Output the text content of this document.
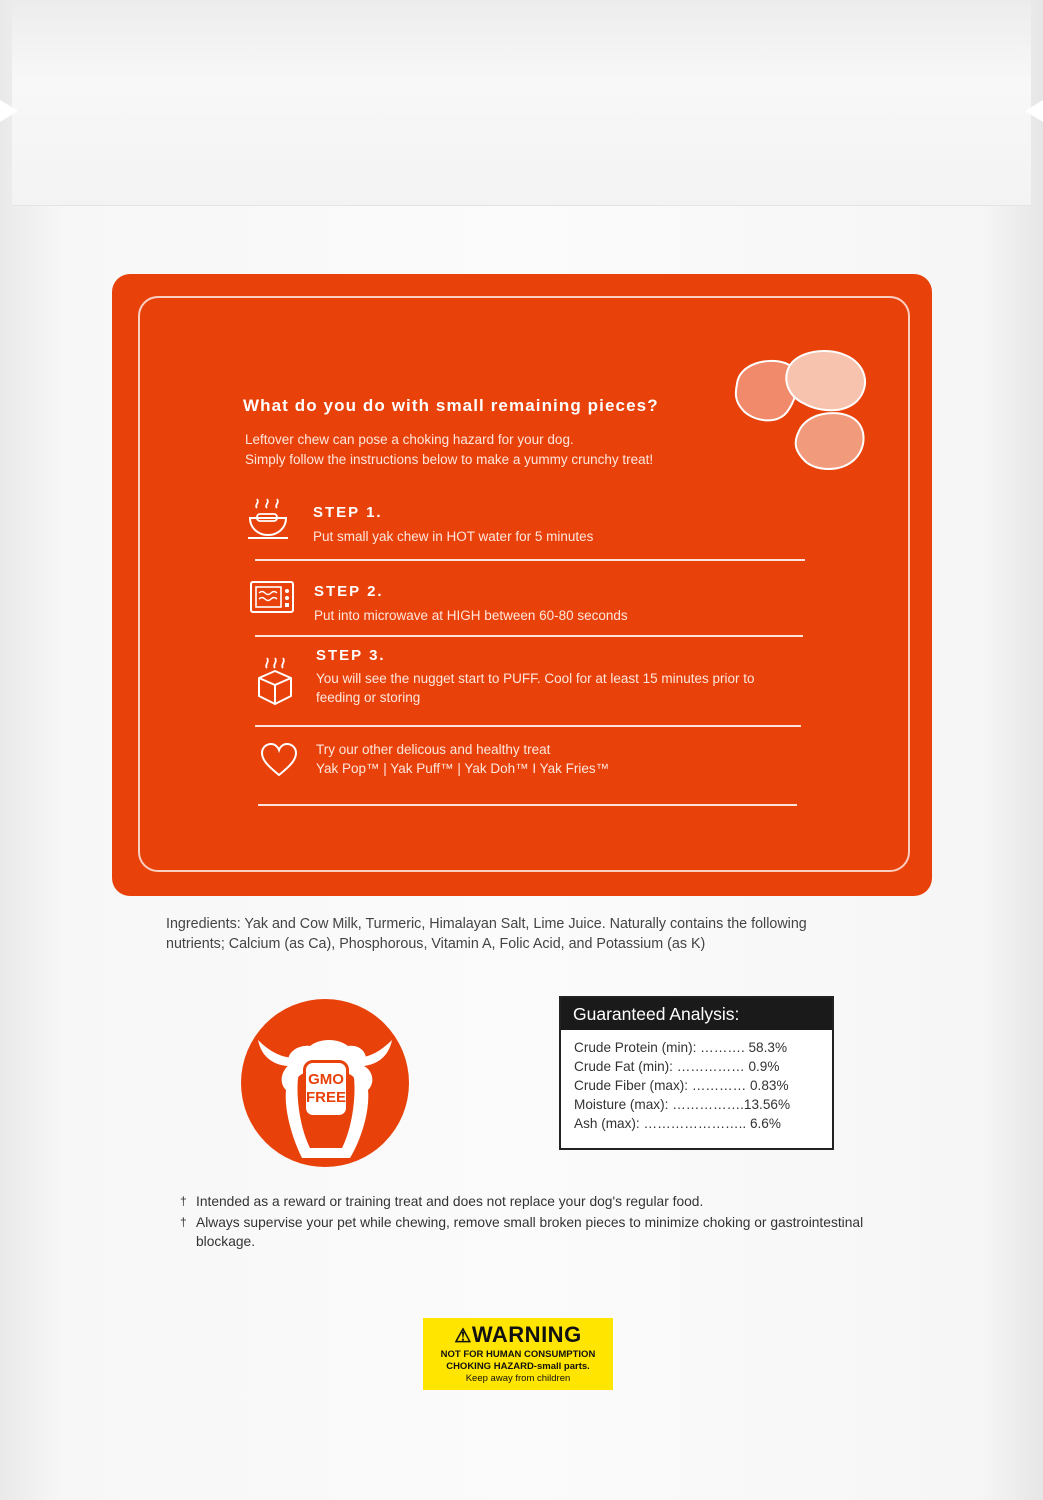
What do you do with small remaining pieces?
Leftover chew can pose a choking hazard for your dog.
Simply follow the instructions below to make a yummy crunchy treat!
STEP 1.
Put small yak chew in HOT water for 5 minutes
STEP 2.
Put into microwave at HIGH between 60-80 seconds
STEP 3.
You will see the nugget start to PUFF. Cool for at least 15 minutes prior to feeding or storing
Try our other delicous and healthy treat
Yak Pop™ | Yak Puff™ | Yak Doh™ I Yak Fries™
Ingredients: Yak and Cow Milk, Turmeric, Himalayan Salt, Lime Juice. Naturally contains the following
nutrients; Calcium (as Ca), Phosphorous, Vitamin A, Folic Acid, and Potassium (as K)
GMO
FREE
Guaranteed Analysis:
Crude Protein (min): ………. 58.3%
Crude Fat (min): …………… 0.9%
Crude Fiber (max): ………… 0.83%
Moisture (max): …………….13.56%
Ash (max): ………………….. 6.6%
† Intended as a reward or training treat and does not replace your dog's regular food.
† Always supervise your pet while chewing, remove small broken pieces to minimize choking or gastrointestinal blockage.
⚠WARNING
NOT FOR HUMAN CONSUMPTION
CHOKING HAZARD-small parts.
Keep away from children
